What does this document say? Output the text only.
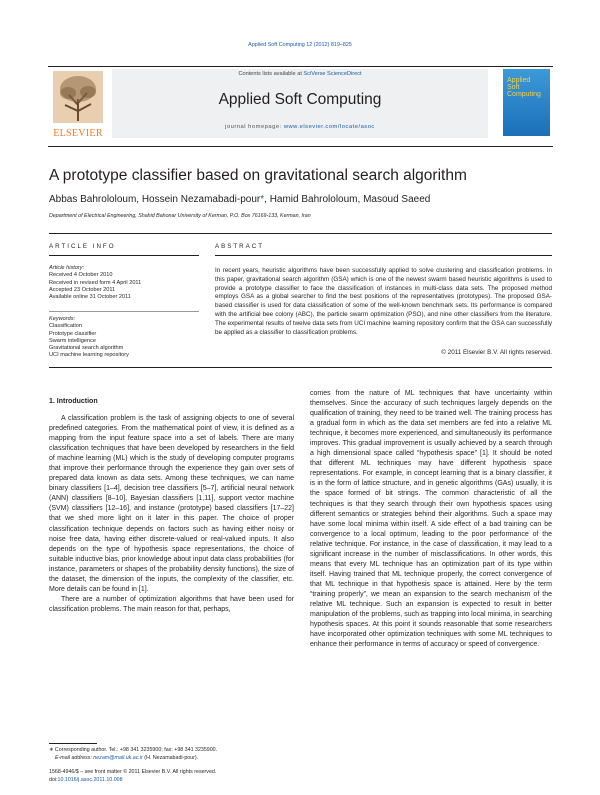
Applied Soft Computing 12 (2012) 819–825
ELSEVIER
Contents lists available at SciVerse ScienceDirect
Applied Soft Computing
journal homepage: www.elsevier.com/locate/asoc
Applied
Soft
Computing
A prototype classifier based on gravitational search algorithm
Abbas Bahrololoum, Hossein Nezamabadi-pour*, Hamid Bahrololoum, Masoud Saeed
Department of Electrical Engineering, Shahid Bahonar University of Kerman, P.O. Box 76169-133, Kerman, Iran
ARTICLE INFO
Article history:
Received 4 October 2010
Received in revised form 4 April 2011
Accepted 23 October 2011
Available online 31 October 2011
Keywords:
Classification
Prototype classifier
Swarm intelligence
Gravitational search algorithm
UCI machine learning repository
ABSTRACT
In recent years, heuristic algorithms have been successfully applied to solve clustering and classification problems. In this paper, gravitational search algorithm (GSA) which is one of the newest swarm based heuristic algorithms is used to provide a prototype classifier to face the classification of instances in multi-class data sets. The proposed method employs GSA as a global searcher to find the best positions of the representatives (prototypes). The proposed GSA-based classifier is used for data classification of some of the well-known benchmark sets. Its performance is compared with the artificial bee colony (ABC), the particle swarm optimization (PSO), and nine other classifiers from the literature. The experimental results of twelve data sets from UCI machine learning repository confirm that the GSA can successfully be applied as a classifier to classification problems.
© 2011 Elsevier B.V. All rights reserved.
1. Introduction

A classification problem is the task of assigning objects to one of several predefined categories. From the mathematical point of view, it is defined as a mapping from the input feature space into a set of labels. There are many classification techniques that have been developed by researchers in the field of machine learning (ML) which is the study of developing computer programs that improve their performance through the experience they gain over sets of prepared data known as data sets. Among these techniques, we can name binary classifiers [1–4], decision tree classifiers [5–7], artificial neural network (ANN) classifiers [8–10], Bayesian classifiers [1,11], support vector machine (SVM) classifiers [12–16], and instance (prototype) based classifiers [17–22] that we shed more light on it later in this paper. The choice of proper classification technique depends on factors such as having either noisy or noise free data, having either discrete-valued or real-valued inputs. It also depends on the type of hypothesis space representations, the choice of suitable inductive bias, prior knowledge about input data class probabilities (for instance, parameters or shapes of the probability density functions), the size of the dataset, the dimension of the inputs, the complexity of the classifier, etc. More details can be found in [1].

There are a number of optimization algorithms that have been used for classification problems. The main reason for that, perhaps,

comes from the nature of ML techniques that have uncertainty within themselves. Since the accuracy of such techniques largely depends on the qualification of training, they need to be trained well. The training process has a gradual form in which as the data set members are fed into a relative ML technique, it becomes more experienced, and simultaneously its performance improves. This gradual improvement is usually achieved by a search through a high dimensional space called “hypothesis space” [1]. It should be noted that different ML techniques may have different hypothesis space representations. For example, in concept learning that is a binary classifier, it is in the form of lattice structure, and in genetic algorithms (GAs) usually, it is the space formed of bit strings. The common characteristic of all the techniques is that they search through their own hypothesis spaces using different semantics or strategies behind their algorithms. Such a space may have some local minima within itself. A side effect of a bad training can be convergence to a local optimum, leading to the poor performance of the relative technique. For instance, in the case of classification, it may lead to a significant increase in the number of misclassifications. In other words, this means that every ML technique has an optimization part of its type within itself. Having trained that ML technique properly, the correct convergence of that ML technique in that hypothesis space is attained. Here by the term “training properly”, we mean an expansion to the search mechanism of the relative ML technique. Such an expansion is expected to result in better manipulation of the problems, such as trapping into local minima, in searching hypothesis spaces. At this point it sounds reasonable that some researchers have incorporated other optimization techniques with some ML techniques to enhance their performance in terms of accuracy or speed of convergence.

∗ Corresponding author. Tel.: +98 341 3235900; fax: +98 341 3235900.
E-mail address: nezam@mail.uk.ac.ir (H. Nezamabadi-pour).
1568-4946/$ – see front matter © 2011 Elsevier B.V. All rights reserved.
doi:10.1016/j.asoc.2011.10.008
